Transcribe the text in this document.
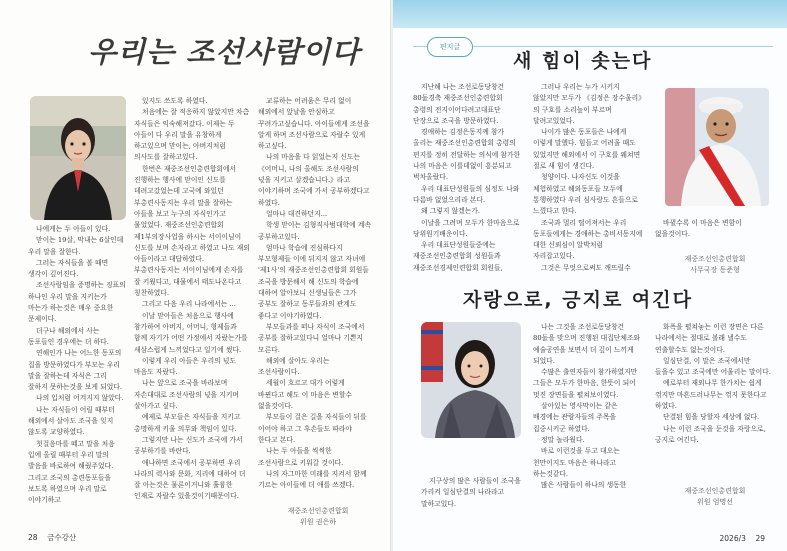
우리는 조선사람이다

나에게는 두 아들이 있다.

맏이는 19살, 막내는 6살인데 우리 말을 잘한다.

그러는 자식들을 볼 때면 생각이 깊어진다.

조선사람임을 증명하는 징표의 하나인 우리 말을 지키는가 마는가 하는것은 매우 중요한 문제이다.

더구나 해외에서 사는 동포들인 경우에는 더 하다.

연해인가 나는 어느한 동포의 집을 방문하였다가 부모는 우리 말을 잘하는데 자식은 그리 잘하지 못하는것을 보게 되었다.

나의 입처럼 어겨지지 않았다.

나는 자식들이 어릴 때부터 해외에서 살아도 조국을 잊지 않도록 교양하였다.

첫걸음마를 떼고 말을 처음 입에 올릴 때부터 우리 말의 발음을 바로하여 해줬주었다. 그리고 조국의 총련동포들을 보도록 하였으며 우리 말로 이야기하고

있지도 쓰도록 하였다.

처음에는 잘 적응하지 않았지만 차츰 자식들은 익숙해져갔다. 이제는 두 아들이 다 우리 말을 유창하게 하고있으며 맏이는, 아버지처럼 의사도를 잘하고있다.

한번은 재중조선인총련합회에서 진행하는 행사에 맏이인 신도를 데려고갔었는데 고국에 와있던 부총련사동지는 우리 말을 잘하는 아들을 보고 누구의 자식인가고 물었었다. 재중조선인총련합회 제1부의장사업을 하시는 서이이님이 신도를 보며 손자라고 하였고 나도 재외 아들이라고 대답하였다. 부총련사동지는 서이이님에게 손자를 잘 키웠다고, 대물에서 태도나온다고 칭찬하였다.

그리고 다음 우리 나라에서는 ...

이날 맏아들은 처음으로 행사에 참가하여 아버지, 어머니, 형제들과 함께 자기가 어떤 가정에서 자랐는가를 새삼스럽게 느끼었다고 일기에 썼다.

이렇게 우리 아들은 우리의 넋도 마음도 자랐다.

나는 앞으로 조국을 바라보며 자손대대로 조선사람의 넋을 지키며 살아가고 싶다.

예제로 부모들은 자식들을 지키고 총명하게 키울 의무와 책임이 있다.

그렇지만 나는 신도가 조국에 가서 공부하기를 바란다.

애나하면 조국에서 공부하면 우리 나라의 력사와 문화, 지리에 대하여 더 잘 아는것은 물론이거니와 훌륭한 인재로 자랄수 있을것이기때문이다.

교류하는 어려움은 무리 없이 해외에서 앞날을 안심하고 꾸려가고싶습니다. 아이들에게 조선을 알게 하며 조선사람으로 자랄수 있게 하고싶다.

나의 마음을 다 읽었는지 신도는 《어머니, 나의 올해도 조선사람의 넋을 지키고 살겠습니다.》라고 이야기하며 조국에 가서 공부하겠다고 하였다.

얼마나 대견하던지...

학생 맏이는 김형직사범대학에 계속 공부하고있다.

엄마나 학습에 진심하다지 부모형제들 이에 뒤지지 않고 자녀에 '제1사'의 재중조선인총련합회 회원들 조국을 방문해서 해 신도의 학습에 대하여 알아보니 신생님들은 그가 공부도 잘하고 동무들과의 관계도 좋다고 이야기하였다.

부모들과를 떠나 자식이 조국에서 공부를 잘하고있다니 얼마나 기쁜지 모른다.

해외에 살아도 우리는 조선사람이다.

세월이 흐르고 대가 어렇게 바뀐다고 해도 이 마음은 변할수 없을것이다.

부모들이 걸은 길을 자식들이 뒤를 이어야 하고 그 후손들도 따라야 한다고 본다.

나는 두 아들을 씩씩한 조선사람으로 키워갈 것이다.

나의 자그마한 미래를 지켜서 함께 기르는 아이들에 더 애를 쓰겠다.

재중조선인총련합회
위원 권은하
28 금수강산
편지글
새 힘이 솟는다

지난해 나는 조선로동당창건 80돐경축 재중조선인총련합회 총령의 전지이어다려고대표단 단장으로 조국을 방문하였다.

경애하는 김정은동지께 참가 올리는 재중조선인총련합회 총령의 편지를 정히 전달하는 의식에 참가한 나의 마음은 이를데없이 흥분되고 벅차올랐다.

우리 대표단성원들의 심정도 나와 다름바 없었으리라 본다.

왜 그렇지 않겠는가.

이날을 그려며 모두가 한마음으로 당위원기배운이다.

우리 대표단성원들중에는 재중조선인총련합회 성원들과 재중조선경제인련합회 회원들,

그러나 우리는 누가 시키지 않았지만 모두가 《김정은 장수울리》의 구호를 소리높이 부르며 달려고있었다.

나이가 많은 동포들은 나에게 이렇게 말했다. 힘들고 어려울 때도 있었지만 해외에서 이 구호를 웨쳐면 절로 새 힘이 생긴다.

청양이다. 나자신도 이것을 체험하였고 해외동포들 모두에 통행하였다 우리 심사랑도 흔들으로 느꼈다고 한다.

조국과 멀리 떨어져서는 우리 동포들에게는 경애하는 총비서동지에 대한 신뢰심이 알박처럼 자리잡고있다.

그것은 무엇으로써도 깨뜨릴수

바뀔수록 이 마음은 변함이 없을것이다.

재중조선인총련합회
사무국장 동준형
자랑으로, 긍지로 여긴다

지구상의 많은 사람들이 조국을 가리켜 일심단결의 나라라고 말하고있다.

나는 그것을 조선로동당창건 80돐을 맞으며 진행된 대집단체조와 예술공연을 보면서 더 깊이 느끼게 되었다.

수많은 출연자들이 참가하였지만 그들은 모두가 한마음, 한뜻이 되어 멋진 장면들을 펼쳐보이였다.

살아있는 영사막이는 같은 배경에는 관람자들의 주목을 집중시키군 하였다.

정말 놀라웠다.

바로 이런것을 두고 대오는 천만이지도 마음은 하나라고 하는것같다.

많은 사람들이 하나의 생동한

화폭을 펼쳐놓는 이런 장면은 다른 나라에서는 절대로 볼래 낼수도 연출할수도 없는것이다.

일심단결, 이 말은 조국에서만 들을수 있고 조국에만 어울리는 말이다.

예로부터 재외나무 한가치는 쉽게 꺾지만 마흔드러나무는 꺾지 못한다고 하였다.

단결된 힘을 당할자 세상에 없다.

나는 이런 조국을 둔것을 자랑으로, 긍지로 여긴다.

재중조선인총련합회
위원 엄명선
2026/3 29
